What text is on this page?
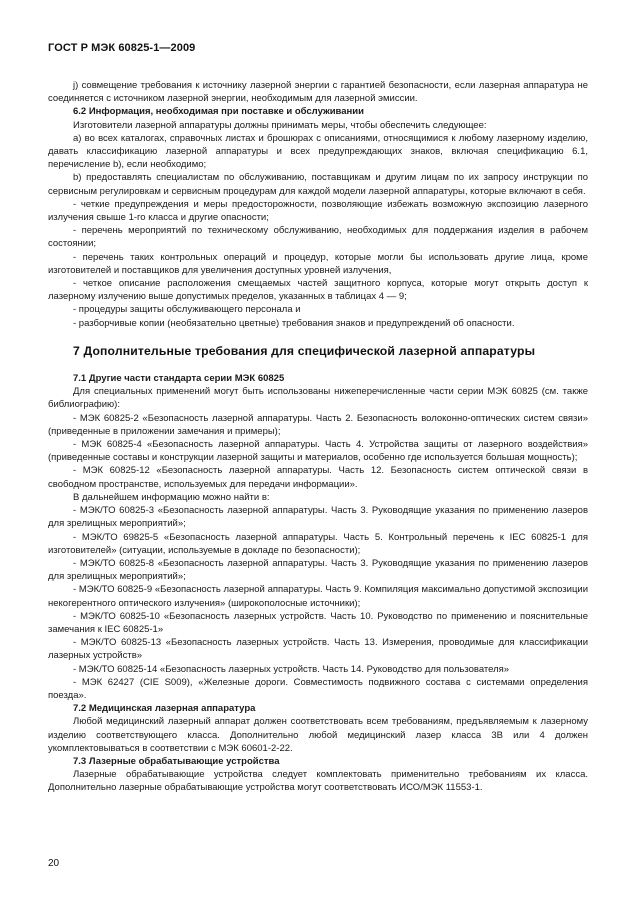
ГОСТ Р МЭК 60825-1—2009

j) совмещение требования к источнику лазерной энергии с гарантией безопасности, если лазерная аппаратура не соединяется с источником лазерной энергии, необходимым для лазерной эмиссии.

6.2 Информация, необходимая при поставке и обслуживании

Изготовители лазерной аппаратуры должны принимать меры, чтобы обеспечить следующее:

a) во всех каталогах, справочных листах и брошюрах с описаниями, относящимися к любому лазерному изделию, давать классификацию лазерной аппаратуры и всех предупреждающих знаков, включая спецификацию 6.1, перечисление b), если необходимо;

b) предоставлять специалистам по обслуживанию, поставщикам и другим лицам по их запросу инструкции по сервисным регулировкам и сервисным процедурам для каждой модели лазерной аппаратуры, которые включают в себя.

- четкие предупреждения и меры предосторожности, позволяющие избежать возможную экспозицию лазерного излучения свыше 1-го класса и другие опасности;

- перечень мероприятий по техническому обслуживанию, необходимых для поддержания изделия в рабочем состоянии;

- перечень таких контрольных операций и процедур, которые могли бы использовать другие лица, кроме изготовителей и поставщиков для увеличения доступных уровней излучения,

- четкое описание расположения смещаемых частей защитного корпуса, которые могут открыть доступ к лазерному излучению выше допустимых пределов, указанных в таблицах 4 — 9;

- процедуры защиты обслуживающего персонала и

- разборчивые копии (необязательно цветные) требования знаков и предупреждений об опасности.

7 Дополнительные требования для специфической лазерной аппаратуры

7.1 Другие части стандарта серии МЭК 60825

Для специальных применений могут быть использованы нижеперечисленные части серии МЭК 60825 (см. также библиографию):

- МЭК 60825-2 «Безопасность лазерной аппаратуры. Часть 2. Безопасность волоконно-оптических систем связи» (приведенные в приложении замечания и примеры);

- МЭК 60825-4 «Безопасность лазерной аппаратуры. Часть 4. Устройства защиты от лазерного воздействия» (приведенные составы и конструкции лазерной защиты и материалов, особенно где используется большая мощность);

- МЭК 60825-12 «Безопасность лазерной аппаратуры. Часть 12. Безопасность систем оптической связи в свободном пространстве, используемых для передачи информации».

В дальнейшем информацию можно найти в:

- МЭК/ТО 60825-3 «Безопасность лазерной аппаратуры. Часть 3. Руководящие указания по применению лазеров для зрелищных мероприятий»;

- МЭК/ТО 69825-5 «Безопасность лазерной аппаратуры. Часть 5. Контрольный перечень к IEC 60825-1 для изготовителей» (ситуации, используемые в докладе по безопасности);

- МЭК/ТО 60825-8 «Безопасность лазерной аппаратуры. Часть 3. Руководящие указания по применению лазеров для зрелищных мероприятий»;

- МЭК/ТО 60825-9 «Безопасность лазерной аппаратуры. Часть 9. Компиляция максимально допустимой экспозиции некогерентного оптического излучения» (широкополосные источники);

- МЭК/ТО 60825-10 «Безопасность лазерных устройств. Часть 10. Руководство по применению и пояснительные замечания к IEC 60825-1»

- МЭК/ТО 60825-13 «Безопасность лазерных устройств. Часть 13. Измерения, проводимые для классификации лазерных устройств»

- МЭК/ТО 60825-14 «Безопасность лазерных устройств. Часть 14. Руководство для пользователя»

- МЭК 62427 (CIE S009), «Железные дороги. Совместимость подвижного состава с системами определения поезда».

7.2 Медицинская лазерная аппаратура

Любой медицинский лазерный аппарат должен соответствовать всем требованиям, предъявляемым к лазерному изделию соответствующего класса. Дополнительно любой медицинский лазер класса 3В или 4 должен укомплектовываться в соответствии с МЭК 60601-2-22.

7.3 Лазерные обрабатывающие устройства

Лазерные обрабатывающие устройства следует комплектовать применительно требованиям их класса. Дополнительно лазерные обрабатывающие устройства могут соответствовать ИСО/МЭК 11553-1.

20
